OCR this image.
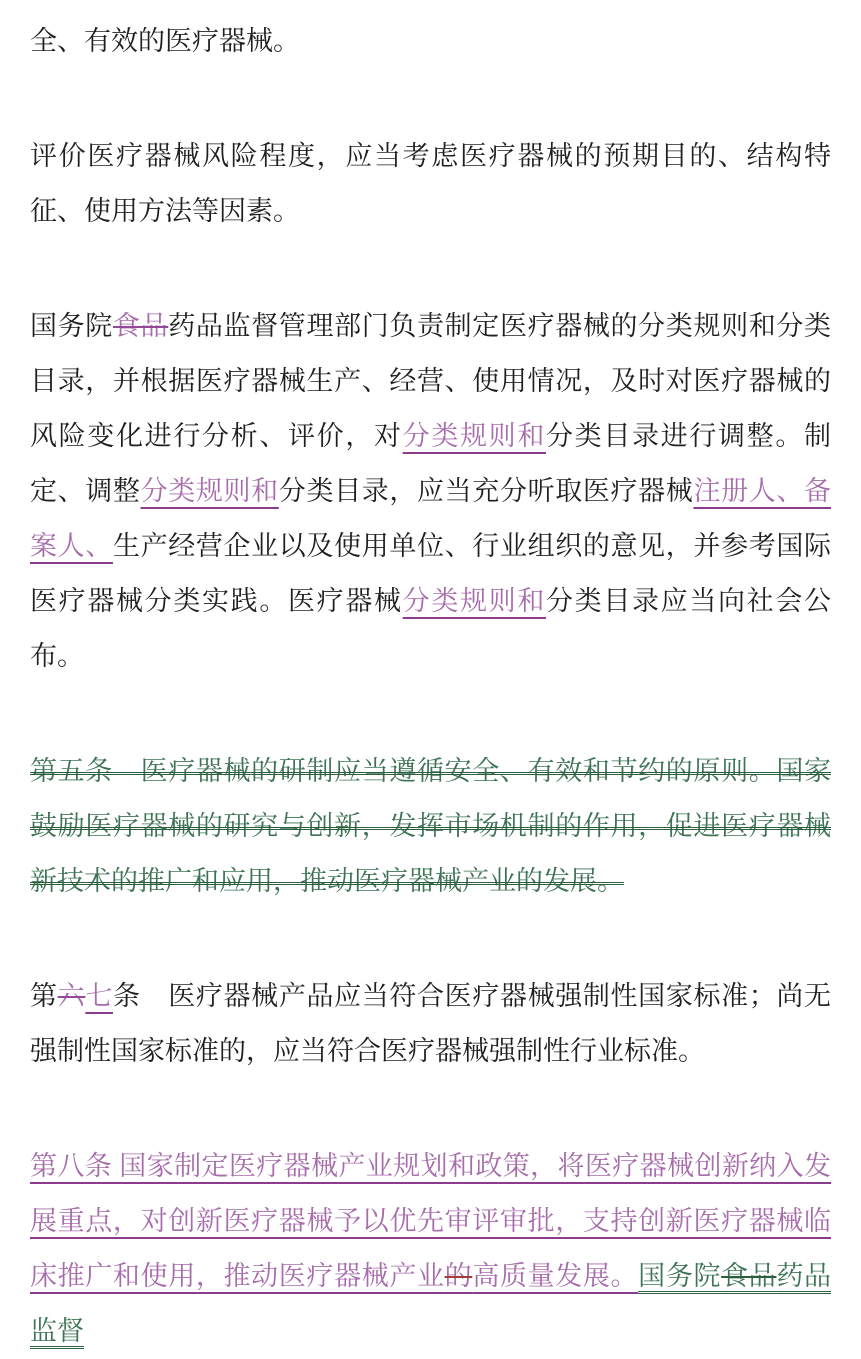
全、有效的医疗器械。

评价医疗器械风险程度，应当考虑医疗器械的预期目的、结构特征、使用方法等因素。

国务院食品药品监督管理部门负责制定医疗器械的分类规则和分类目录，并根据医疗器械生产、经营、使用情况，及时对医疗器械的风险变化进行分析、评价，对分类规则和分类目录进行调整。制定、调整分类规则和分类目录，应当充分听取医疗器械注册人、备案人、生产经营企业以及使用单位、行业组织的意见，并参考国际医疗器械分类实践。医疗器械分类规则和分类目录应当向社会公布。

第五条　医疗器械的研制应当遵循安全、有效和节约的原则。国家鼓励医疗器械的研究与创新，发挥市场机制的作用，促进医疗器械新技术的推广和应用，推动医疗器械产业的发展。

第六七条　医疗器械产品应当符合医疗器械强制性国家标准；尚无强制性国家标准的，应当符合医疗器械强制性行业标准。

第八条 国家制定医疗器械产业规划和政策，将医疗器械创新纳入发展重点，对创新医疗器械予以优先审评审批，支持创新医疗器械临床推广和使用，推动医疗器械产业的高质量发展。国务院食品药品监督
